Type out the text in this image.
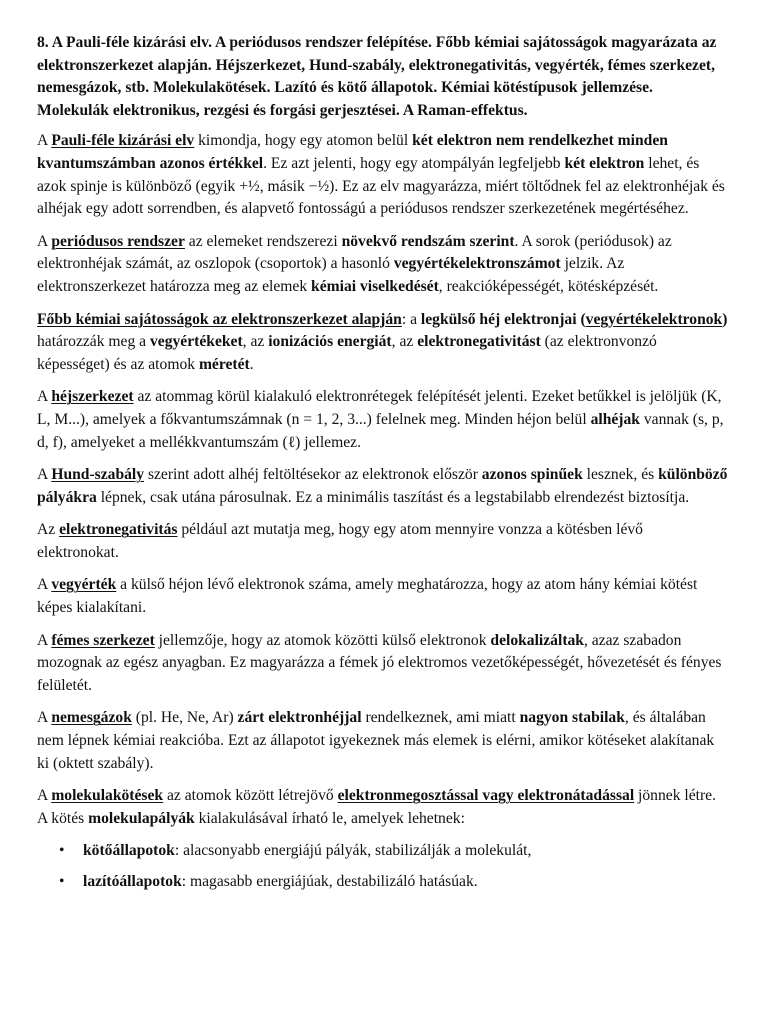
8. A Pauli-féle kizárási elv. A periódusos rendszer felépítése. Főbb kémiai sajátosságok magyarázata az elektronszerkezet alapján. Héjszerkezet, Hund-szabály, elektronegativitás, vegyérték, fémes szerkezet, nemesgázok, stb. Molekulakötések. Lazító és kötő állapotok. Kémiai kötéstípusok jellemzése. Molekulák elektronikus, rezgési és forgási gerjesztései. A Raman-effektus.

A Pauli-féle kizárási elv kimondja, hogy egy atomon belül két elektron nem rendelkezhet minden kvantumszámban azonos értékkel. Ez azt jelenti, hogy egy atompályán legfeljebb két elektron lehet, és azok spinje is különböző (egyik +½, másik −½). Ez az elv magyarázza, miért töltődnek fel az elektronhéjak és alhéjak egy adott sorrendben, és alapvető fontosságú a periódusos rendszer szerkezetének megértéséhez.

A periódusos rendszer az elemeket rendszerezi növekvő rendszám szerint. A sorok (periódusok) az elektronhéjak számát, az oszlopok (csoportok) a hasonló vegyértékelektronszámot jelzik. Az elektronszerkezet határozza meg az elemek kémiai viselkedését, reakcióképességét, kötésképzését.

Főbb kémiai sajátosságok az elektronszerkezet alapján: a legkülső héj elektronjai (vegyértékelektronok) határozzák meg a vegyértékeket, az ionizációs energiát, az elektronegativitást (az elektronvonzó képességet) és az atomok méretét.

A héjszerkezet az atommag körül kialakuló elektronrétegek felépítését jelenti. Ezeket betűkkel is jelöljük (K, L, M...), amelyek a főkvantumszámnak (n = 1, 2, 3...) felelnek meg. Minden héjon belül alhéjak vannak (s, p, d, f), amelyeket a mellékkvantumszám (ℓ) jellemez.

A Hund-szabály szerint adott alhéj feltöltésekor az elektronok először azonos spinűek lesznek, és különböző pályákra lépnek, csak utána párosulnak. Ez a minimális taszítást és a legstabilabb elrendezést biztosítja.

Az elektronegativitás például azt mutatja meg, hogy egy atom mennyire vonzza a kötésben lévő elektronokat.

A vegyérték a külső héjon lévő elektronok száma, amely meghatározza, hogy az atom hány kémiai kötést képes kialakítani.

A fémes szerkezet jellemzője, hogy az atomok közötti külső elektronok delokalizáltak, azaz szabadon mozognak az egész anyagban. Ez magyarázza a fémek jó elektromos vezetőképességét, hővezetését és fényes felületét.

A nemesgázok (pl. He, Ne, Ar) zárt elektronhéjjal rendelkeznek, ami miatt nagyon stabilak, és általában nem lépnek kémiai reakcióba. Ezt az állapotot igyekeznek más elemek is elérni, amikor kötéseket alakítanak ki (oktett szabály).

A molekulakötések az atomok között létrejövő elektronmegosztással vagy elektronátadással jönnek létre. A kötés molekulapályák kialakulásával írható le, amelyek lehetnek:

• kötőállapotok: alacsonyabb energiájú pályák, stabilizálják a molekulát,
• lazítóállapotok: magasabb energiájúak, destabilizáló hatásúak.
